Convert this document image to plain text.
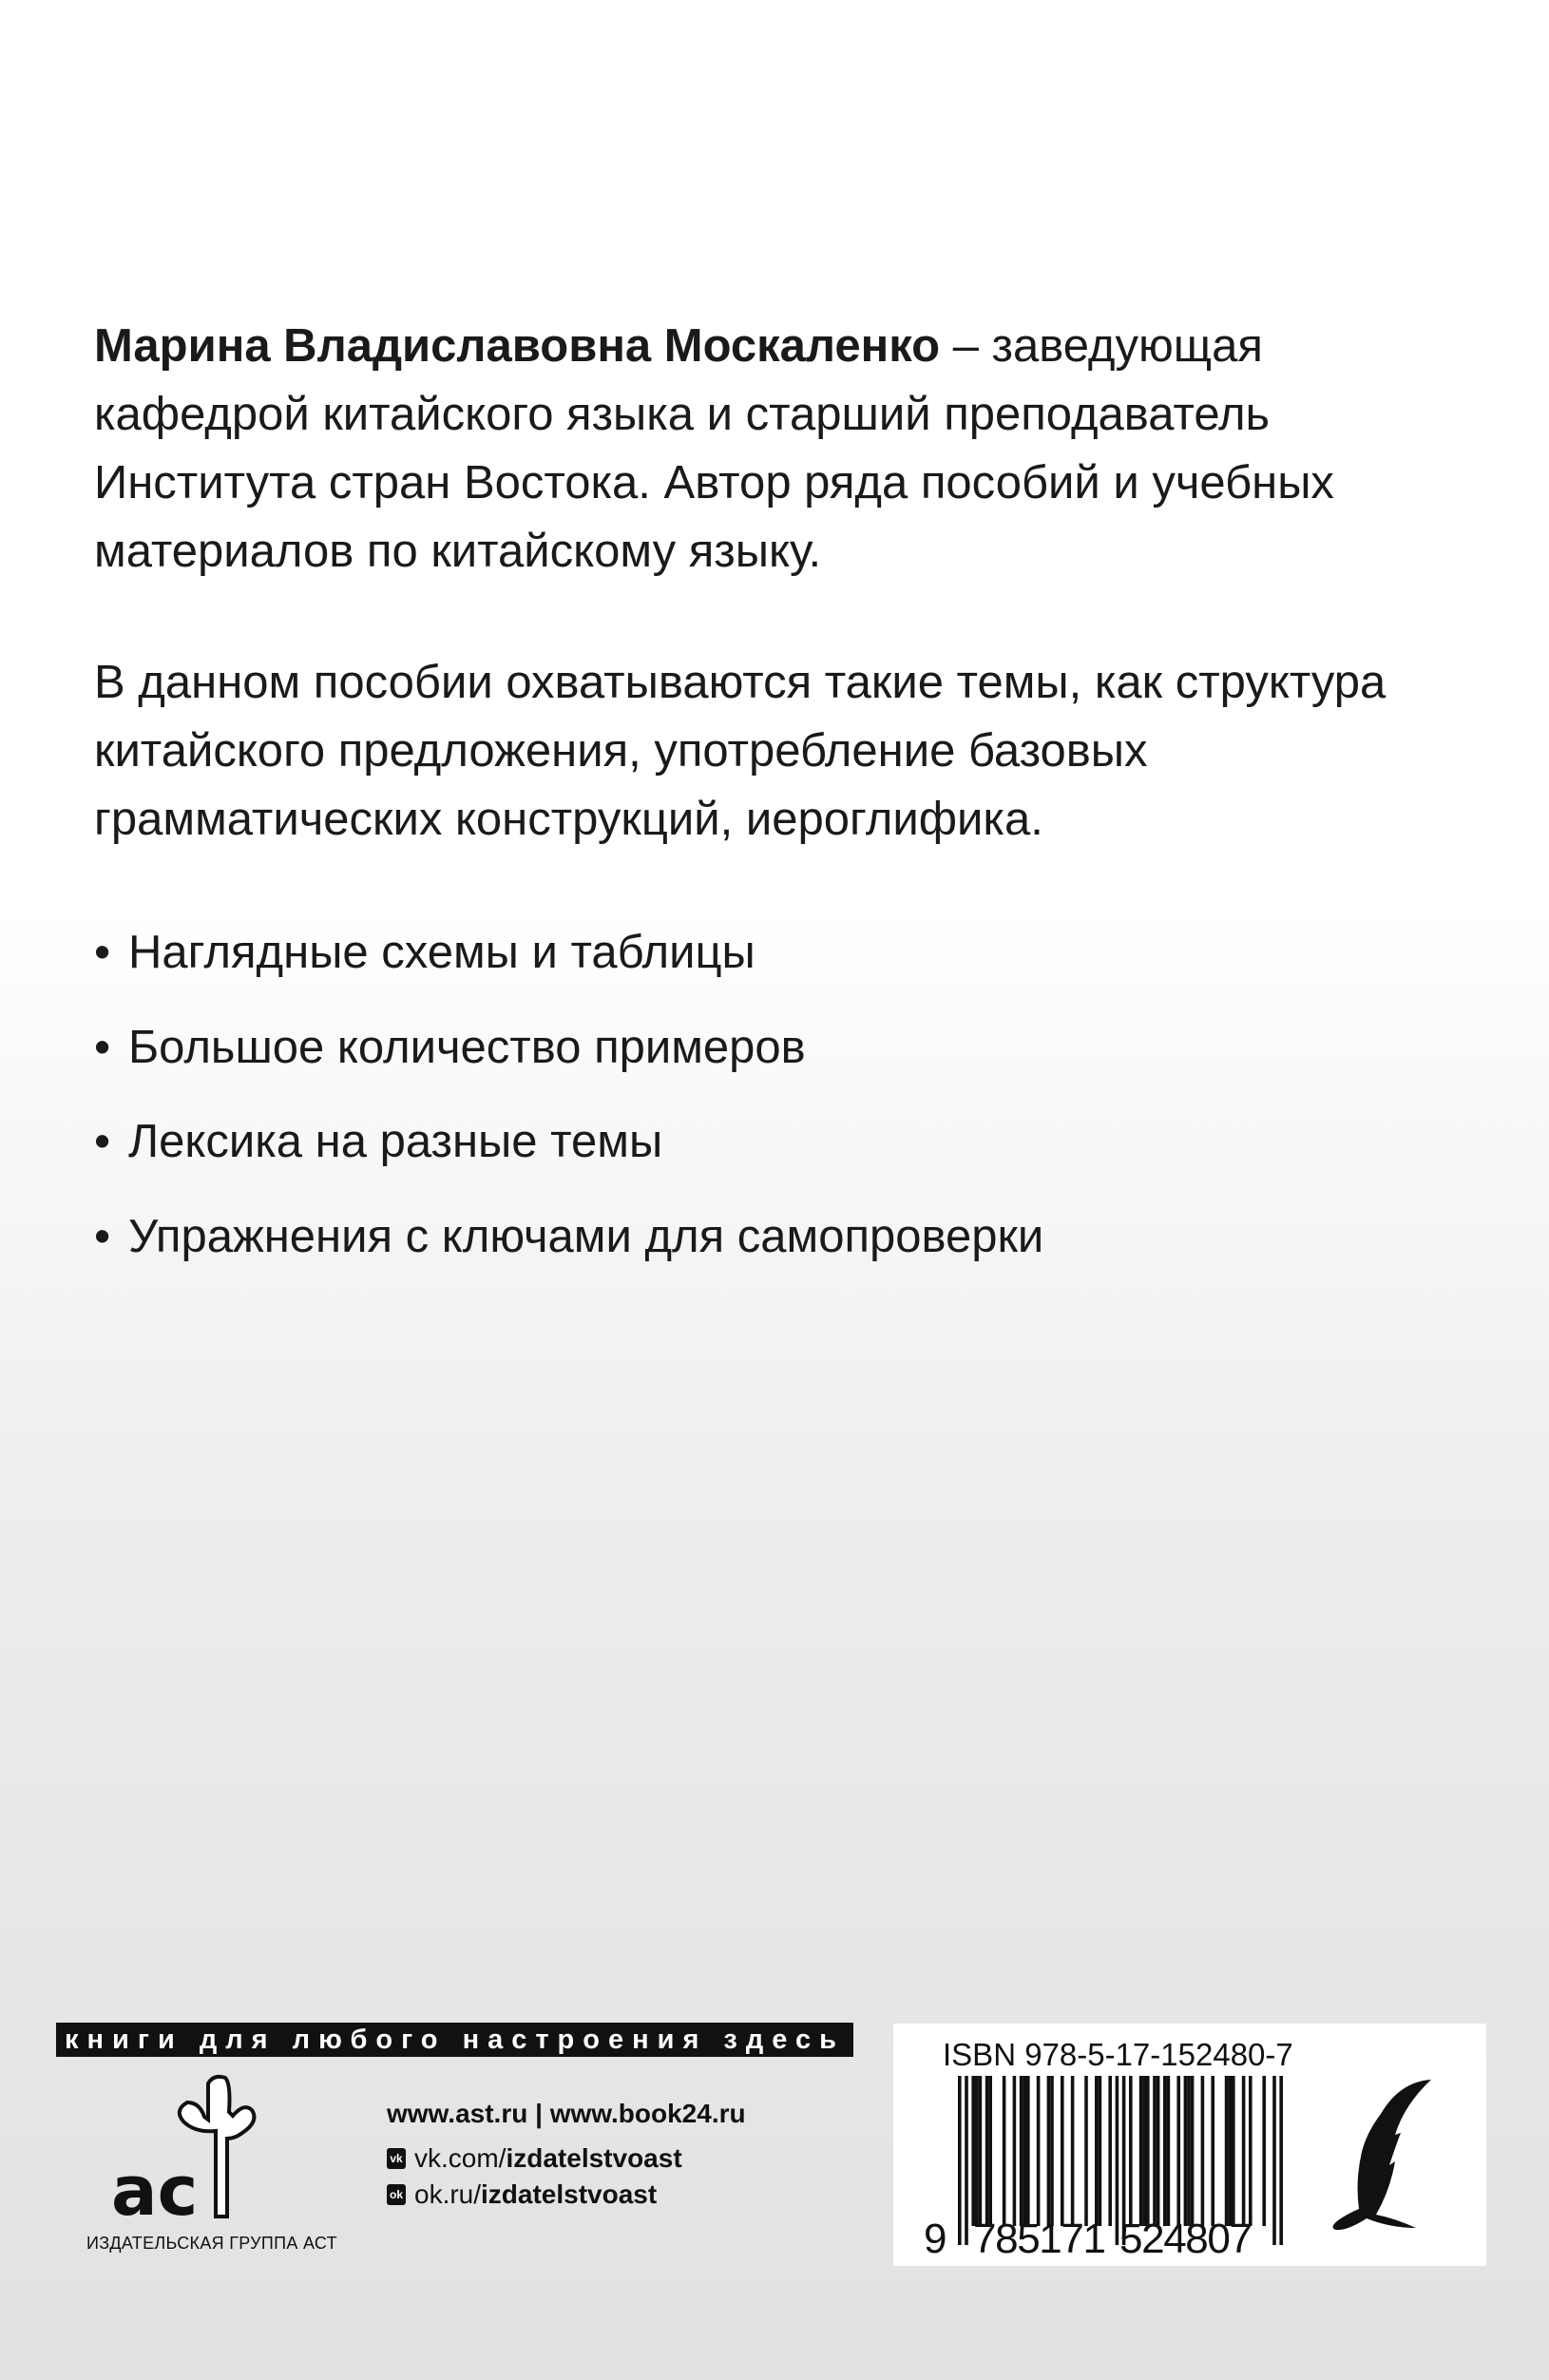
Марина Владиславовна Москаленко – заведующая
кафедрой китайского языка и старший преподаватель
Института стран Востока. Автор ряда пособий и учебных
материалов по китайскому языку.
В данном пособии охватываются такие темы, как структура
китайского предложения, употребление базовых
грамматических конструкций, иероглифика.
• Наглядные схемы и таблицы
• Большое количество примеров
• Лексика на разные темы
• Упражнения с ключами для самопроверки
книги для любого настроения здесь
ac
ИЗДАТЕЛЬСКАЯ ГРУППА АСТ
www.ast.ru | www.book24.ru
vk vk.com/ izdatelstvoast
ok ok.ru/ izdatelstvoast
ISBN 978-5-17-152480-7
9 785171 524807
